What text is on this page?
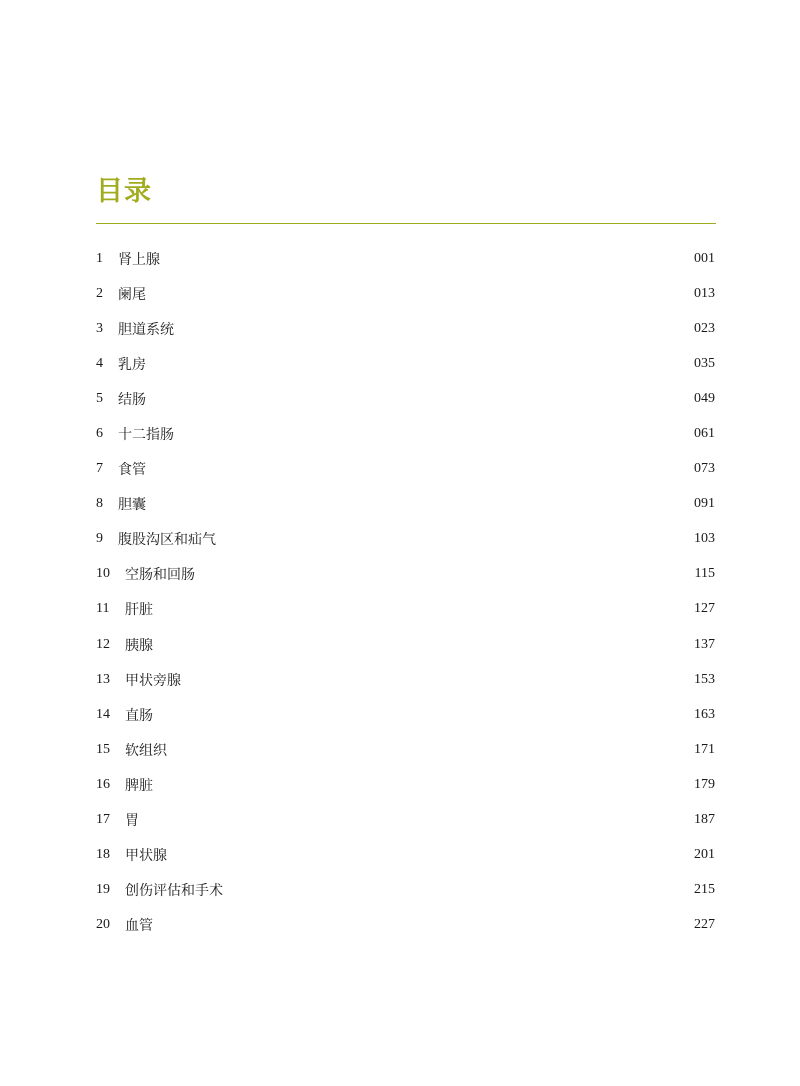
目录
1	肾上腺	001
2	阑尾	013
3	胆道系统	023
4	乳房	035
5	结肠	049
6	十二指肠	061
7	食管	073
8	胆囊	091
9	腹股沟区和疝气	103
10	空肠和回肠	115
11	肝脏	127
12	胰腺	137
13	甲状旁腺	153
14	直肠	163
15	软组织	171
16	脾脏	179
17	胃	187
18	甲状腺	201
19	创伤评估和手术	215
20	血管	227
